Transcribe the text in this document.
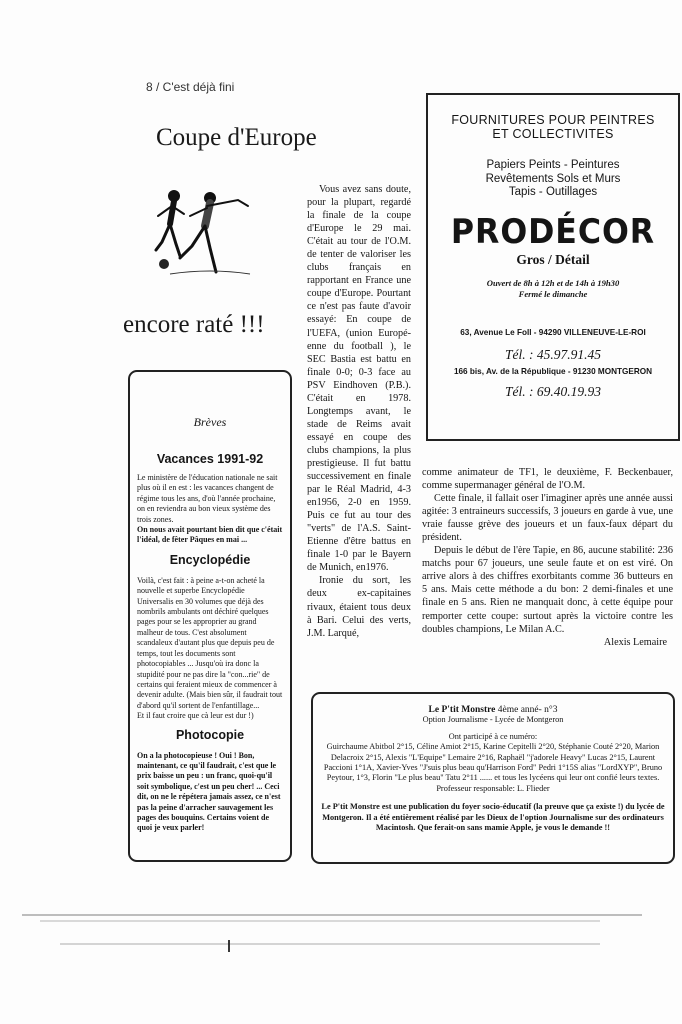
8 / C'est déjà fini
Coupe d'Europe
encore raté !!!

Vous avez sans doute, pour la plupart, regardé la finale de la coupe d'Europe le 29 mai. C'était au tour de l'O.M. de tenter de valoriser les clubs français en rapportant en France une coupe d'Europe. Pourtant ce n'est pas faute d'avoir essayé: En coupe de l'UEFA, (union Europé- enne du football ), le SEC Bastia est battu en finale 0-0; 0-3 face au PSV Eindhoven (P.B.). C'était en 1978. Longtemps avant, le stade de Reims avait essayé en coupe des clubs champions, la plus prestigieuse. Il fut battu successivement en finale par le Réal Madrid, 4-3 en1956, 2-0 en 1959. Puis ce fut au tour des "verts" de l'A.S. Saint-Etienne d'être battus en finale 1-0 par le Bayern de Munich, en1976.

Ironie du sort, les deux ex-capitaines rivaux, étaient tous deux à Bari. Celui des verts, J.M. Larqué,

comme animateur de TF1, le deuxième, F. Beckenbauer, comme supermanager général de l'O.M.

Cette finale, il fallait oser l'imaginer après une année aussi agitée: 3 entraineurs successifs, 3 joueurs en garde à vue, une vraie fausse grève des joueurs et un faux-faux départ du président.

Depuis le début de l'ère Tapie, en 86, aucune stabilité: 236 matchs pour 67 joueurs, une seule faute et on est viré. On arrive alors à des chiffres exorbitants comme 36 butteurs en 5 ans. Mais cette méthode a du bon: 2 demi-finales et une finale en 5 ans. Rien ne manquait donc, à cette équipe pour remporter cette coupe: surtout après la victoire contre les doubles champions, Le Milan A.C.

Alexis Lemaire

FOURNITURES POUR PEINTRES
ET COLLECTIVITES
Papiers Peints - Peintures
Revêtements Sols et Murs
Tapis - Outillages
PRODÉCOR
Gros / Détail
Ouvert de 8h à 12h et de 14h à 19h30
Fermé le dimanche
63, Avenue Le Foll - 94290 VILLENEUVE-LE-ROI
Tél. : 45.97.91.45
166 bis, Av. de la République - 91230 MONTGERON
Tél. : 69.40.19.93
Brèves
Vacances 1991-92

Le ministère de l'éducation nationale ne sait plus où il en est : les vacances changent de régime tous les ans, d'où l'année prochaine, on en reviendra au bon vieux système des trois zones.

On nous avait pourtant bien dit que c'était l'idéal, de fêter Pâques en mai ...

Encyclopédie

Voilà, c'est fait : à peine a-t-on acheté la nouvelle et superbe Encyclopédie Universalis en 30 volumes que déjà des nombrils ambulants ont déchiré quelques pages pour se les approprier au grand malheur de tous. C'est absolument scandaleux d'autant plus que depuis peu de temps, tout les documents sont photocopiables ... Jusqu'où ira donc la stupidité pour ne pas dire la "con...rie" de certains qui feraient mieux de commencer à devenir adulte. (Mais bien sûr, il faudrait tout d'abord qu'il sortent de l'enfantillage...

Et il faut croire que cà leur est dur !)

Photocopie

On a la photocopieuse ! Oui ! Bon, maintenant, ce qu'il faudrait, c'est que le prix baisse un peu : un franc, quoi-qu'il soit symbolique, c'est un peu cher! ... Ceci dit, on ne le répétera jamais assez, ce n'est pas la peine d'arracher sauvagement les pages des bouquins. Certains voient de quoi je veux parler!

Le P'tit Monstre 4ème anné- n°3
Option Journalisme - Lycée de Montgeron
Ont participé à ce numéro:
Guirchaume Abitbol 2°15, Céline Amiot 2°15, Karine Cepitelli 2°20, Stéphanie Couté 2°20, Marion Delacroix 2°15, Alexis "L'Equipe" Lemaire 2°16, Raphaël "j'adorele Heavy" Lucas 2°15, Laurent Paccioni 1°1A, Xavier-Yves "J'suis plus beau qu'Harrison Ford" Pedri 1°15S alias "LordXYP", Bruno Peytour, 1°3, Florin "Le plus beau" Tatu 2°11 ...... et tous les lycéens qui leur ont confié leurs textes.
Professeur responsable: L. Flieder
Le P'tit Monstre est une publication du foyer socio-éducatif (la preuve que ça existe !) du lycée de Montgeron. Il a été entièrement réalisé par les Dieux de l'option Journalisme sur des ordinateurs Macintosh. Que ferait-on sans mamie Apple, je vous le demande !!
